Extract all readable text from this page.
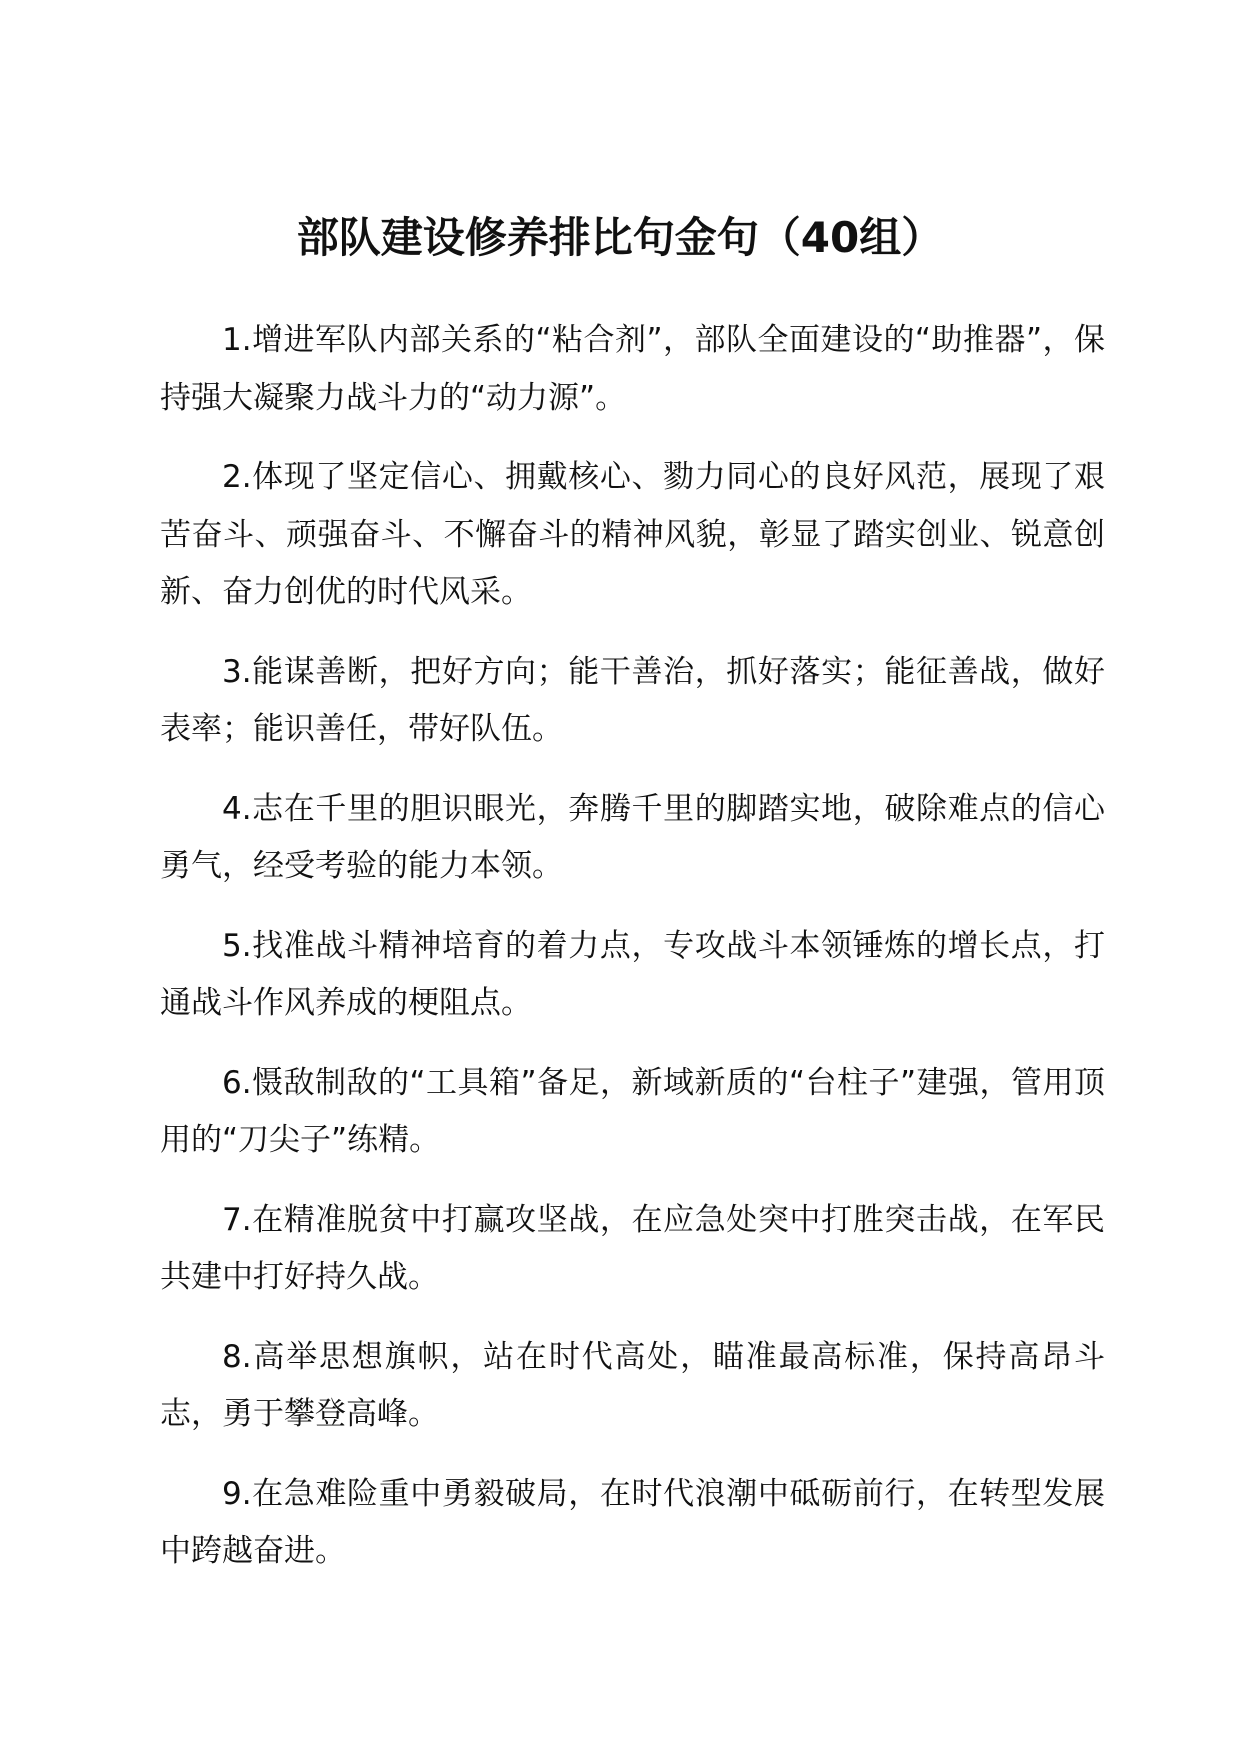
部队建设修养排比句金句（40组）

1.增进军队内部关系的“粘合剂”，部队全面建设的“助推器”，保持强大凝聚力战斗力的“动力源”。

2.体现了坚定信心、拥戴核心、勠力同心的良好风范，展现了艰苦奋斗、顽强奋斗、不懈奋斗的精神风貌，彰显了踏实创业、锐意创新、奋力创优的时代风采。

3.能谋善断，把好方向；能干善治，抓好落实；能征善战，做好表率；能识善任，带好队伍。

4.志在千里的胆识眼光，奔腾千里的脚踏实地，破除难点的信心勇气，经受考验的能力本领。

5.找准战斗精神培育的着力点，专攻战斗本领锤炼的增长点，打通战斗作风养成的梗阻点。

6.慑敌制敌的“工具箱”备足，新域新质的“台柱子”建强，管用顶用的“刀尖子”练精。

7.在精准脱贫中打赢攻坚战，在应急处突中打胜突击战，在军民共建中打好持久战。

8.高举思想旗帜，站在时代高处，瞄准最高标准，保持高昂斗志，勇于攀登高峰。

9.在急难险重中勇毅破局，在时代浪潮中砥砺前行，在转型发展中跨越奋进。
